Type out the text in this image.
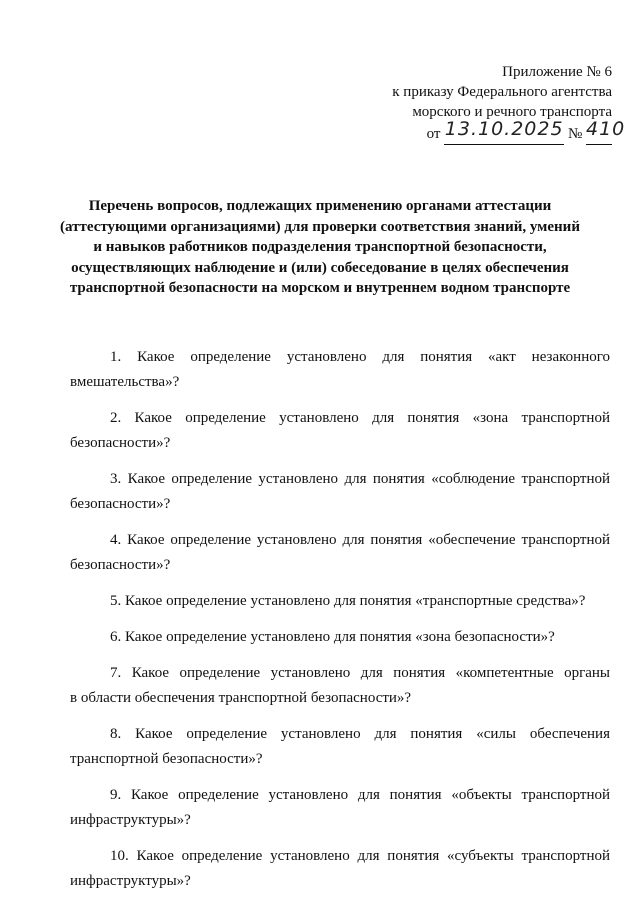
Приложение № 6
к приказу Федерального агентства
морского и речного транспорта
от 13.10.2025 № 410
Перечень вопросов, подлежащих применению органами аттестации
(аттестующими организациями) для проверки соответствия знаний, умений
и навыков работников подразделения транспортной безопасности,
осуществляющих наблюдение и (или) собеседование в целях обеспечения
транспортной безопасности на морском и внутреннем водном транспорте
1. Какое определение установлено для понятия «акт незаконного
вмешательства»?
2. Какое определение установлено для понятия «зона транспортной
безопасности»?
3. Какое определение установлено для понятия «соблюдение транспортной
безопасности»?
4. Какое определение установлено для понятия «обеспечение транспортной
безопасности»?
5. Какое определение установлено для понятия «транспортные средства»?
6. Какое определение установлено для понятия «зона безопасности»?
7. Какое определение установлено для понятия «компетентные органы
в области обеспечения транспортной безопасности»?
8. Какое определение установлено для понятия «силы обеспечения
транспортной безопасности»?
9. Какое определение установлено для понятия «объекты транспортной
инфраструктуры»?
10. Какое определение установлено для понятия «субъекты транспортной
инфраструктуры»?
